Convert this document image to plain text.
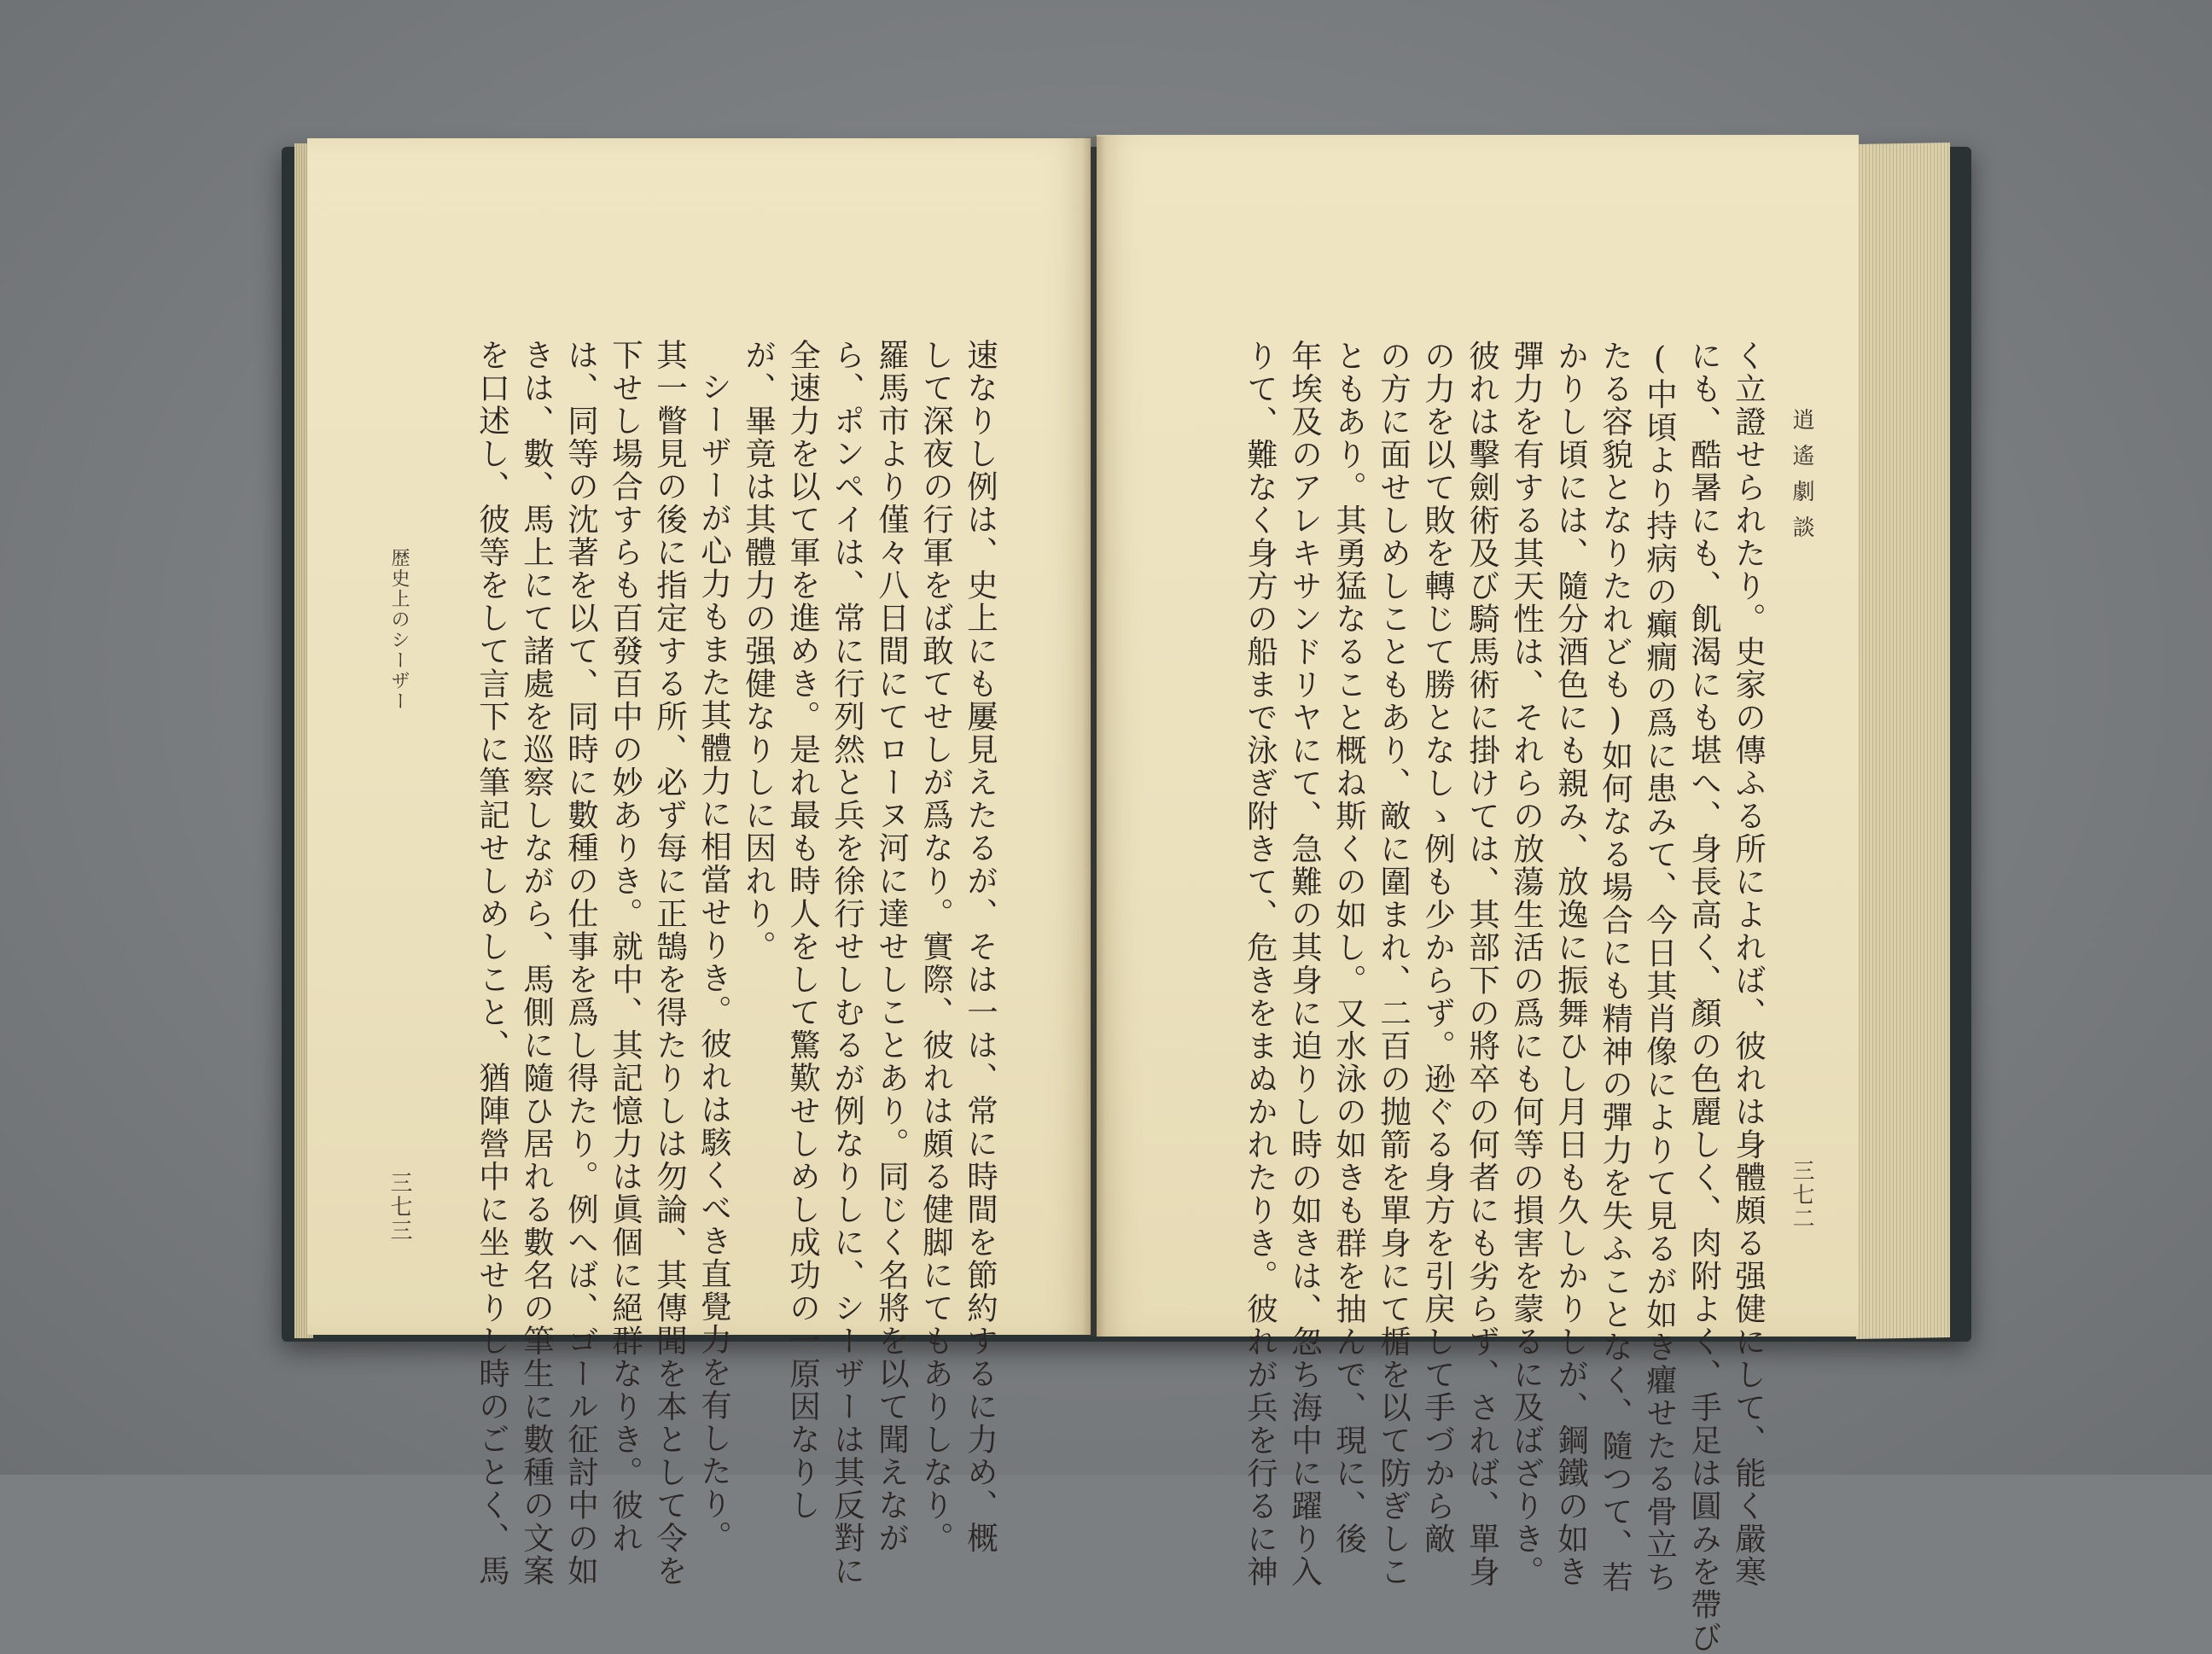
歴史上のシーザー
三七三	速なりし例は、史上にも屢見えたるが、そは一は、常に時間を節約するに力め、概
して深夜の行軍をば敢てせしが爲なり。實際、彼れは頗る健脚にてもありしなり。
羅馬市より僅々八日間にてローヌ河に達せしことあり。同じく名將を以て聞えなが
ら、ポンペイは、常に行列然と兵を徐行せしむるが例なりしに、シーザーは其反對に
全速力を以て軍を進めき。是れ最も時人をして驚歎せしめし成功の一原因なりし
が、畢竟は其體力の强健なりしに因れり。
シーザーが心力もまた其體力に相當せりき。彼れは駭くべき直覺力を有したり。
其一瞥見の後に指定する所、必ず每に正鵠を得たりしは勿論、其傳聞を本として令を
下せし場合すらも百發百中の妙ありき。就中、其記憶力は眞個に絕群なりき。彼れ
は、同等の沈著を以て、同時に數種の仕事を爲し得たり。例へば、ゴール征討中の如
きは、數、馬上にて諸處を巡察しながら、馬側に隨ひ居れる數名の筆生に數種の文案
を口述し、彼等をして言下に筆記せしめしこと、猶陣營中に坐せりし時のごとく、馬	逍遙劇談
三七二
く立證せられたり。史家の傳ふる所によれば、彼れは身體頗る强健にして、能く嚴寒
にも、酷暑にも、飢渴にも堪へ、身長高く、顏の色麗しく、肉附よく、手足は圓みを帶び
(中頃より持病の癲癇の爲に患みて、今日其肖像によりて見るが如き癯せたる骨立ち
たる容貌となりたれども)如何なる場合にも精神の彈力を失ふことなく、隨つて、若
かりし頃には、隨分酒色にも親み、放逸に振舞ひし月日も久しかりしが、鋼鐵の如き
彈力を有する其天性は、それらの放蕩生活の爲にも何等の損害を蒙るに及ばざりき。
彼れは擊劍術及び騎馬術に掛けては、其部下の將卒の何者にも劣らず、されば、單身
の力を以て敗を轉じて勝となしゝ例も少からず。逊ぐる身方を引戻して手づから敵
の方に面せしめしこともあり、敵に圍まれ、二百の抛箭を單身にて楯を以て防ぎしこ
ともあり。其勇猛なること概ね斯くの如し。又水泳の如きも群を抽んで、現に、後
年埃及のアレキサンドリヤにて、急難の其身に迫りし時の如きは、忽ち海中に躍り入
りて、難なく身方の船まで泳ぎ附きて、危きをまぬかれたりき。彼れが兵を行るに神
